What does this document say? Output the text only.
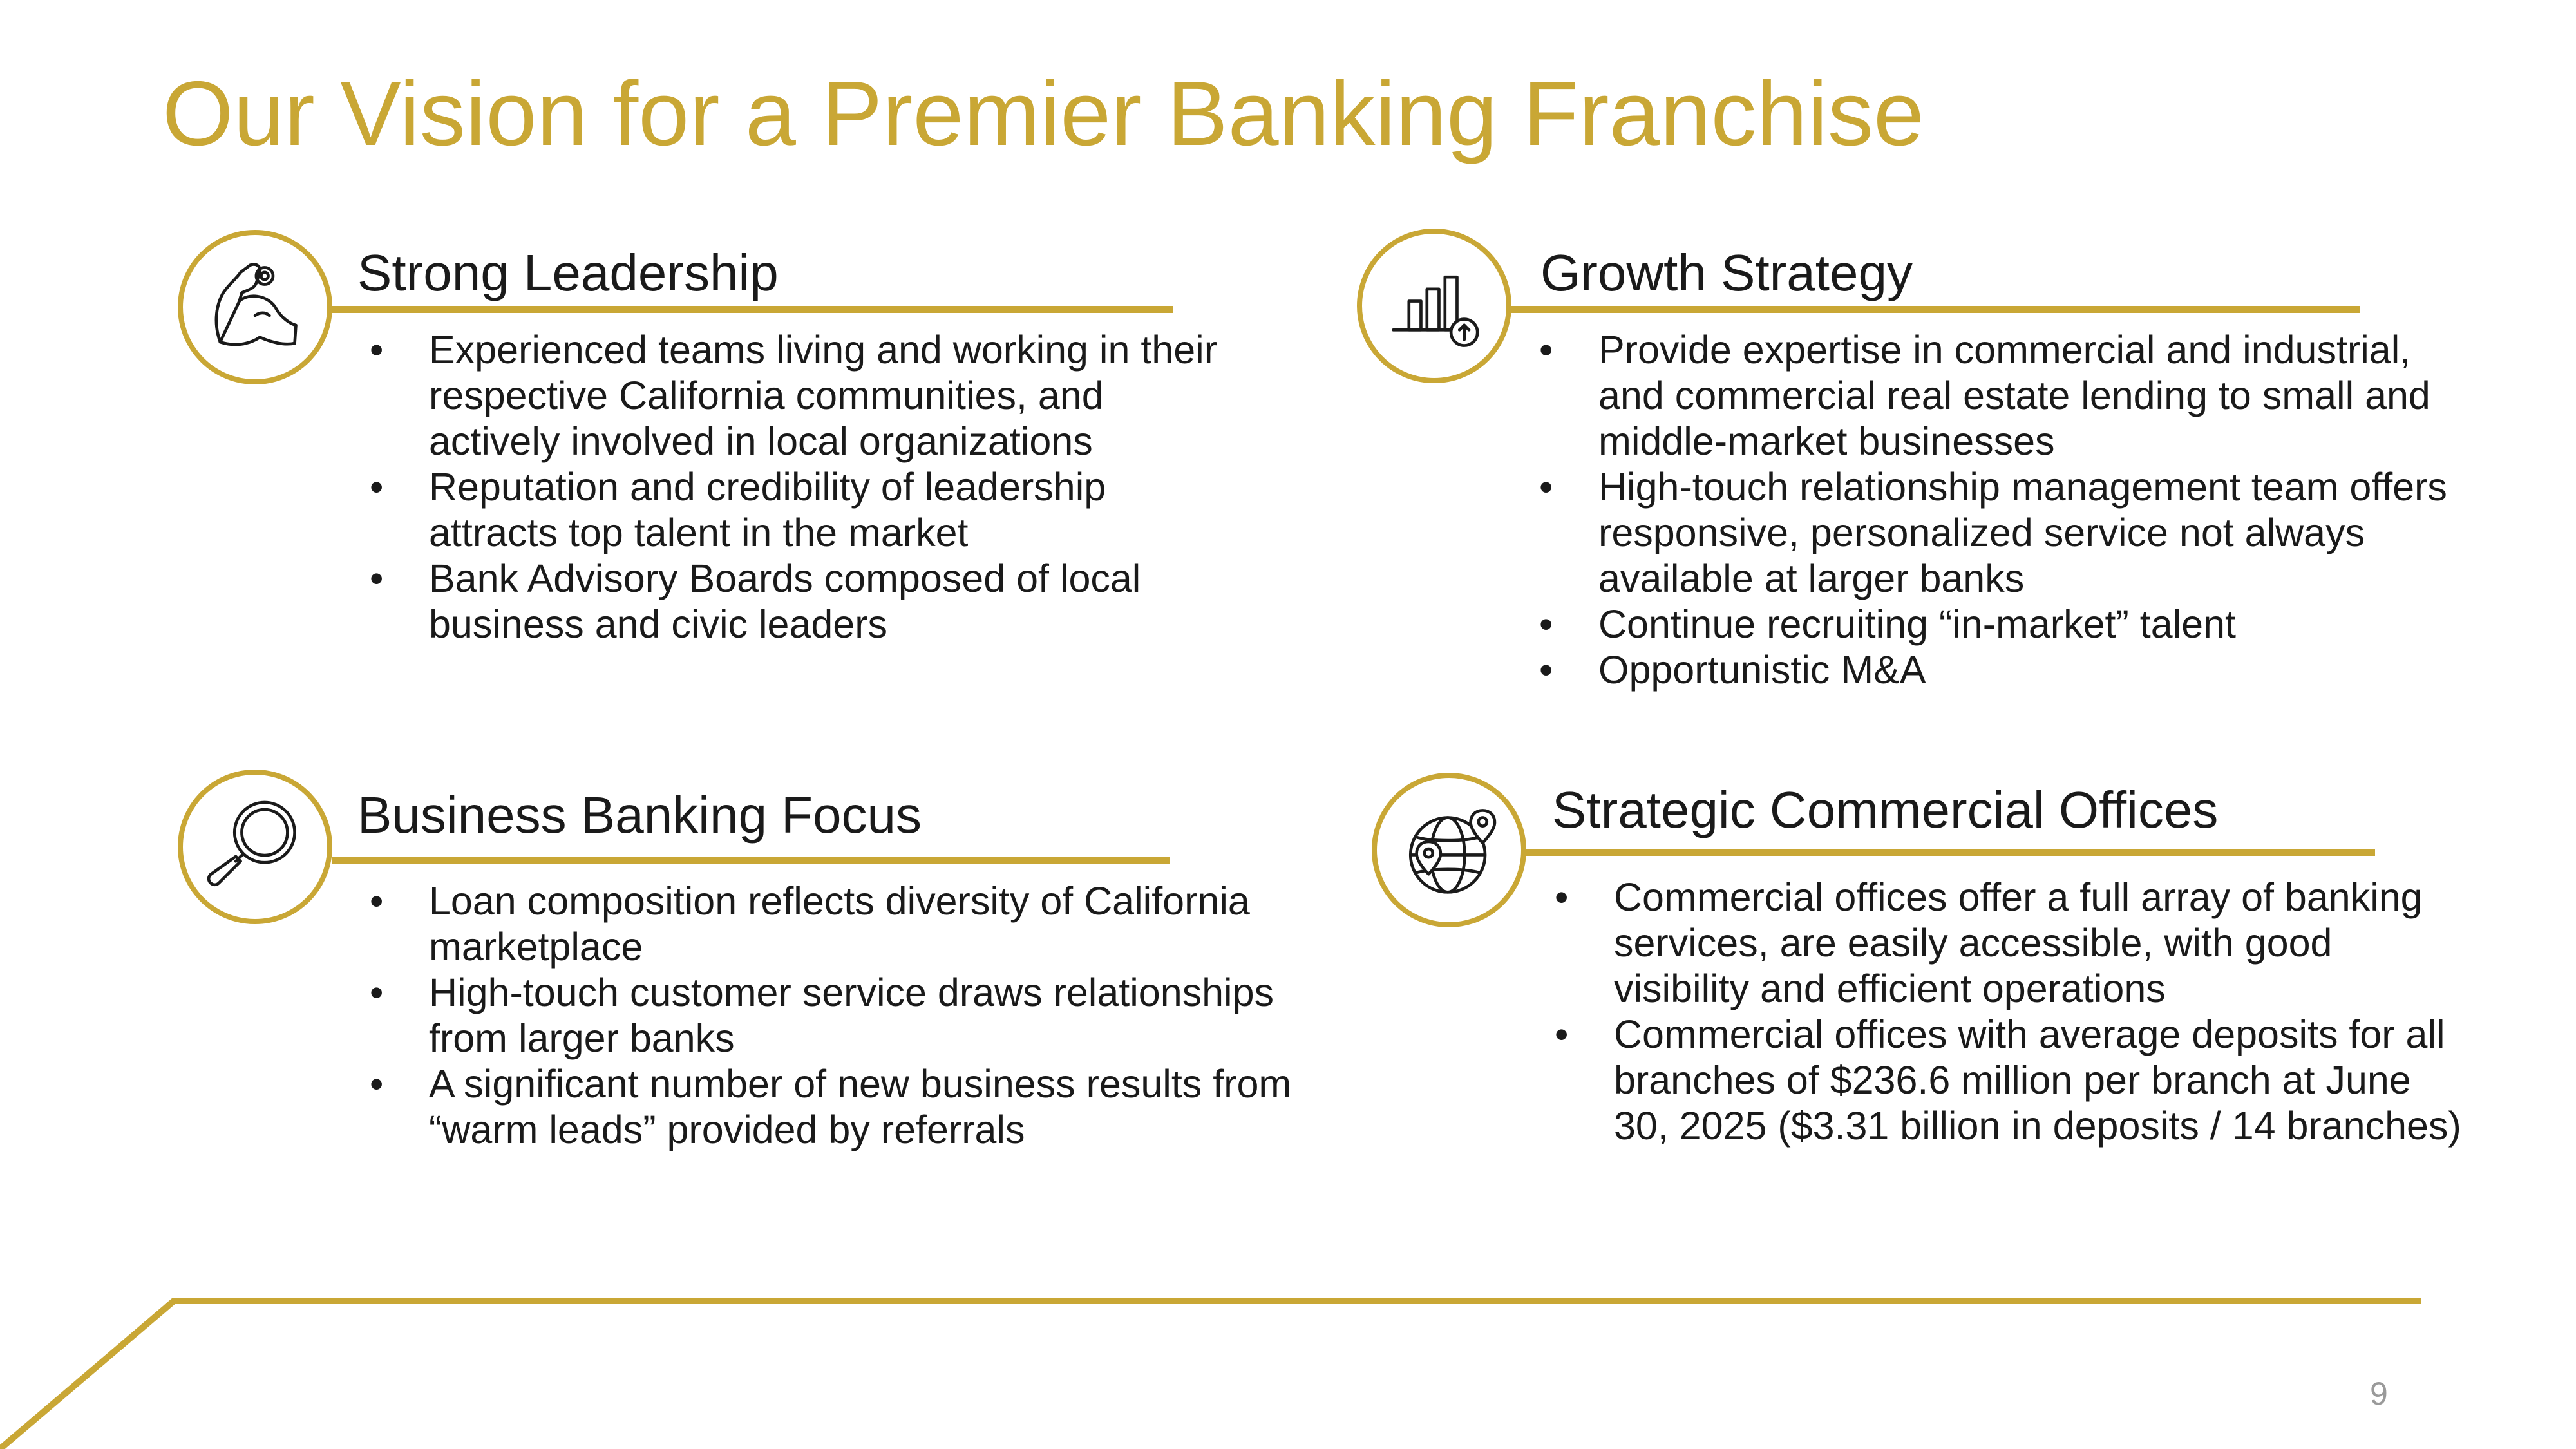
Our Vision for a Premier Banking Franchise
Strong Leadership
• Experienced teams living and working in their respective California communities, and actively involved in local organizations
• Reputation and credibility of leadership attracts top talent in the market
• Bank Advisory Boards composed of local business and civic leaders
Growth Strategy
• Provide expertise in commercial and industrial, and commercial real estate lending to small and middle-market businesses
• High-touch relationship management team offers responsive, personalized service not always available at larger banks
• Continue recruiting “in-market” talent
• Opportunistic M&A
Business Banking Focus
• Loan composition reflects diversity of California marketplace
• High-touch customer service draws relationships from larger banks
• A significant number of new business results from “warm leads” provided by referrals
Strategic Commercial Offices
• Commercial offices offer a full array of banking services, are easily accessible, with good visibility and efficient operations
• Commercial offices with average deposits for all branches of $236.6 million per branch at June 30, 2025 ($3.31 billion in deposits / 14 branches)
9
